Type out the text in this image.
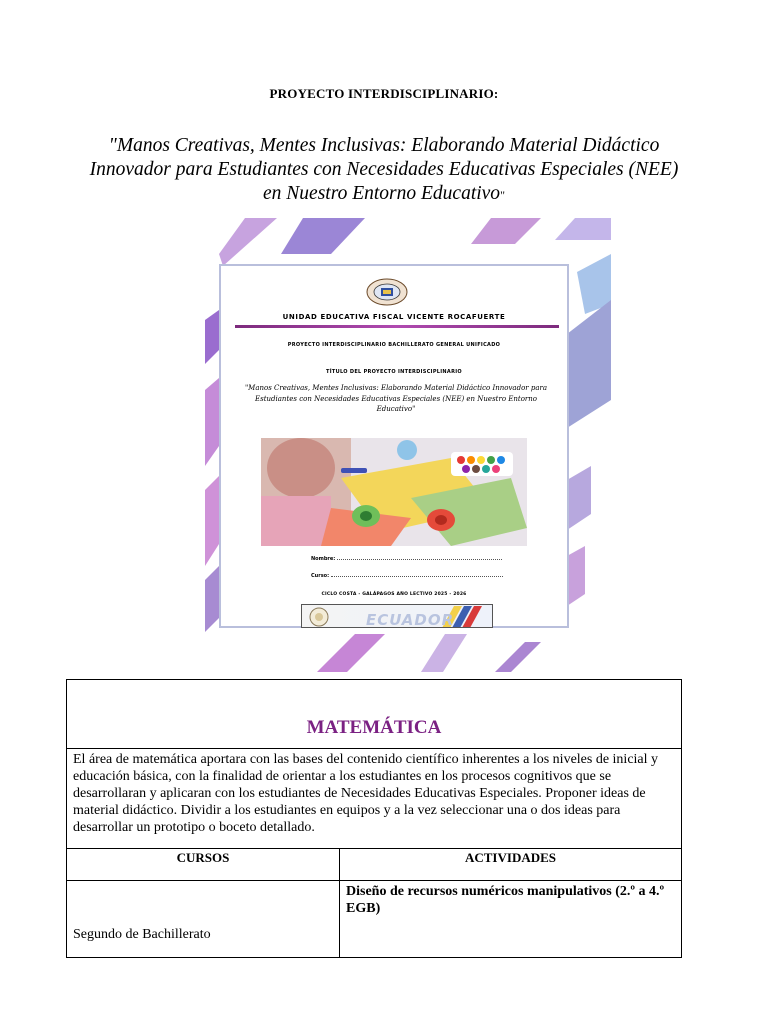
PROYECTO INTERDISCIPLINARIO:
"Manos Creativas, Mentes Inclusivas: Elaborando Material Didáctico Innovador para Estudiantes con Necesidades Educativas Especiales (NEE) en Nuestro Entorno Educativo"
UNIDAD EDUCATIVA FISCAL VICENTE ROCAFUERTE
PROYECTO INTERDISCIPLINARIO BACHILLERATO GENERAL UNIFICADO
TÍTULO DEL PROYECTO INTERDISCIPLINARIO
"Manos Creativas, Mentes Inclusivas: Elaborando Material Didáctico Innovador para Estudiantes con Necesidades Educativas Especiales (NEE) en Nuestro Entorno Educativo"
Nombre:
Curso:
CICLO COSTA - GALÁPAGOS AÑO LECTIVO 2025 - 2026
ECUADOR
MATEMÁTICA	
El área de matemática aportara con las bases del contenido científico inherentes a los niveles de inicial y educación básica, con la finalidad de orientar a los estudiantes en los procesos cognitivos que se desarrollaran y aplicaran con los estudiantes de Necesidades Educativas Especiales. Proponer ideas de material didáctico. Dividir a los estudiantes en equipos y a la vez seleccionar una o dos ideas para desarrollar un prototipo o boceto detallado.	
CURSOS	ACTIVIDADES
Segundo de Bachillerato	Diseño de recursos numéricos manipulativos (2.º a 4.º EGB)
